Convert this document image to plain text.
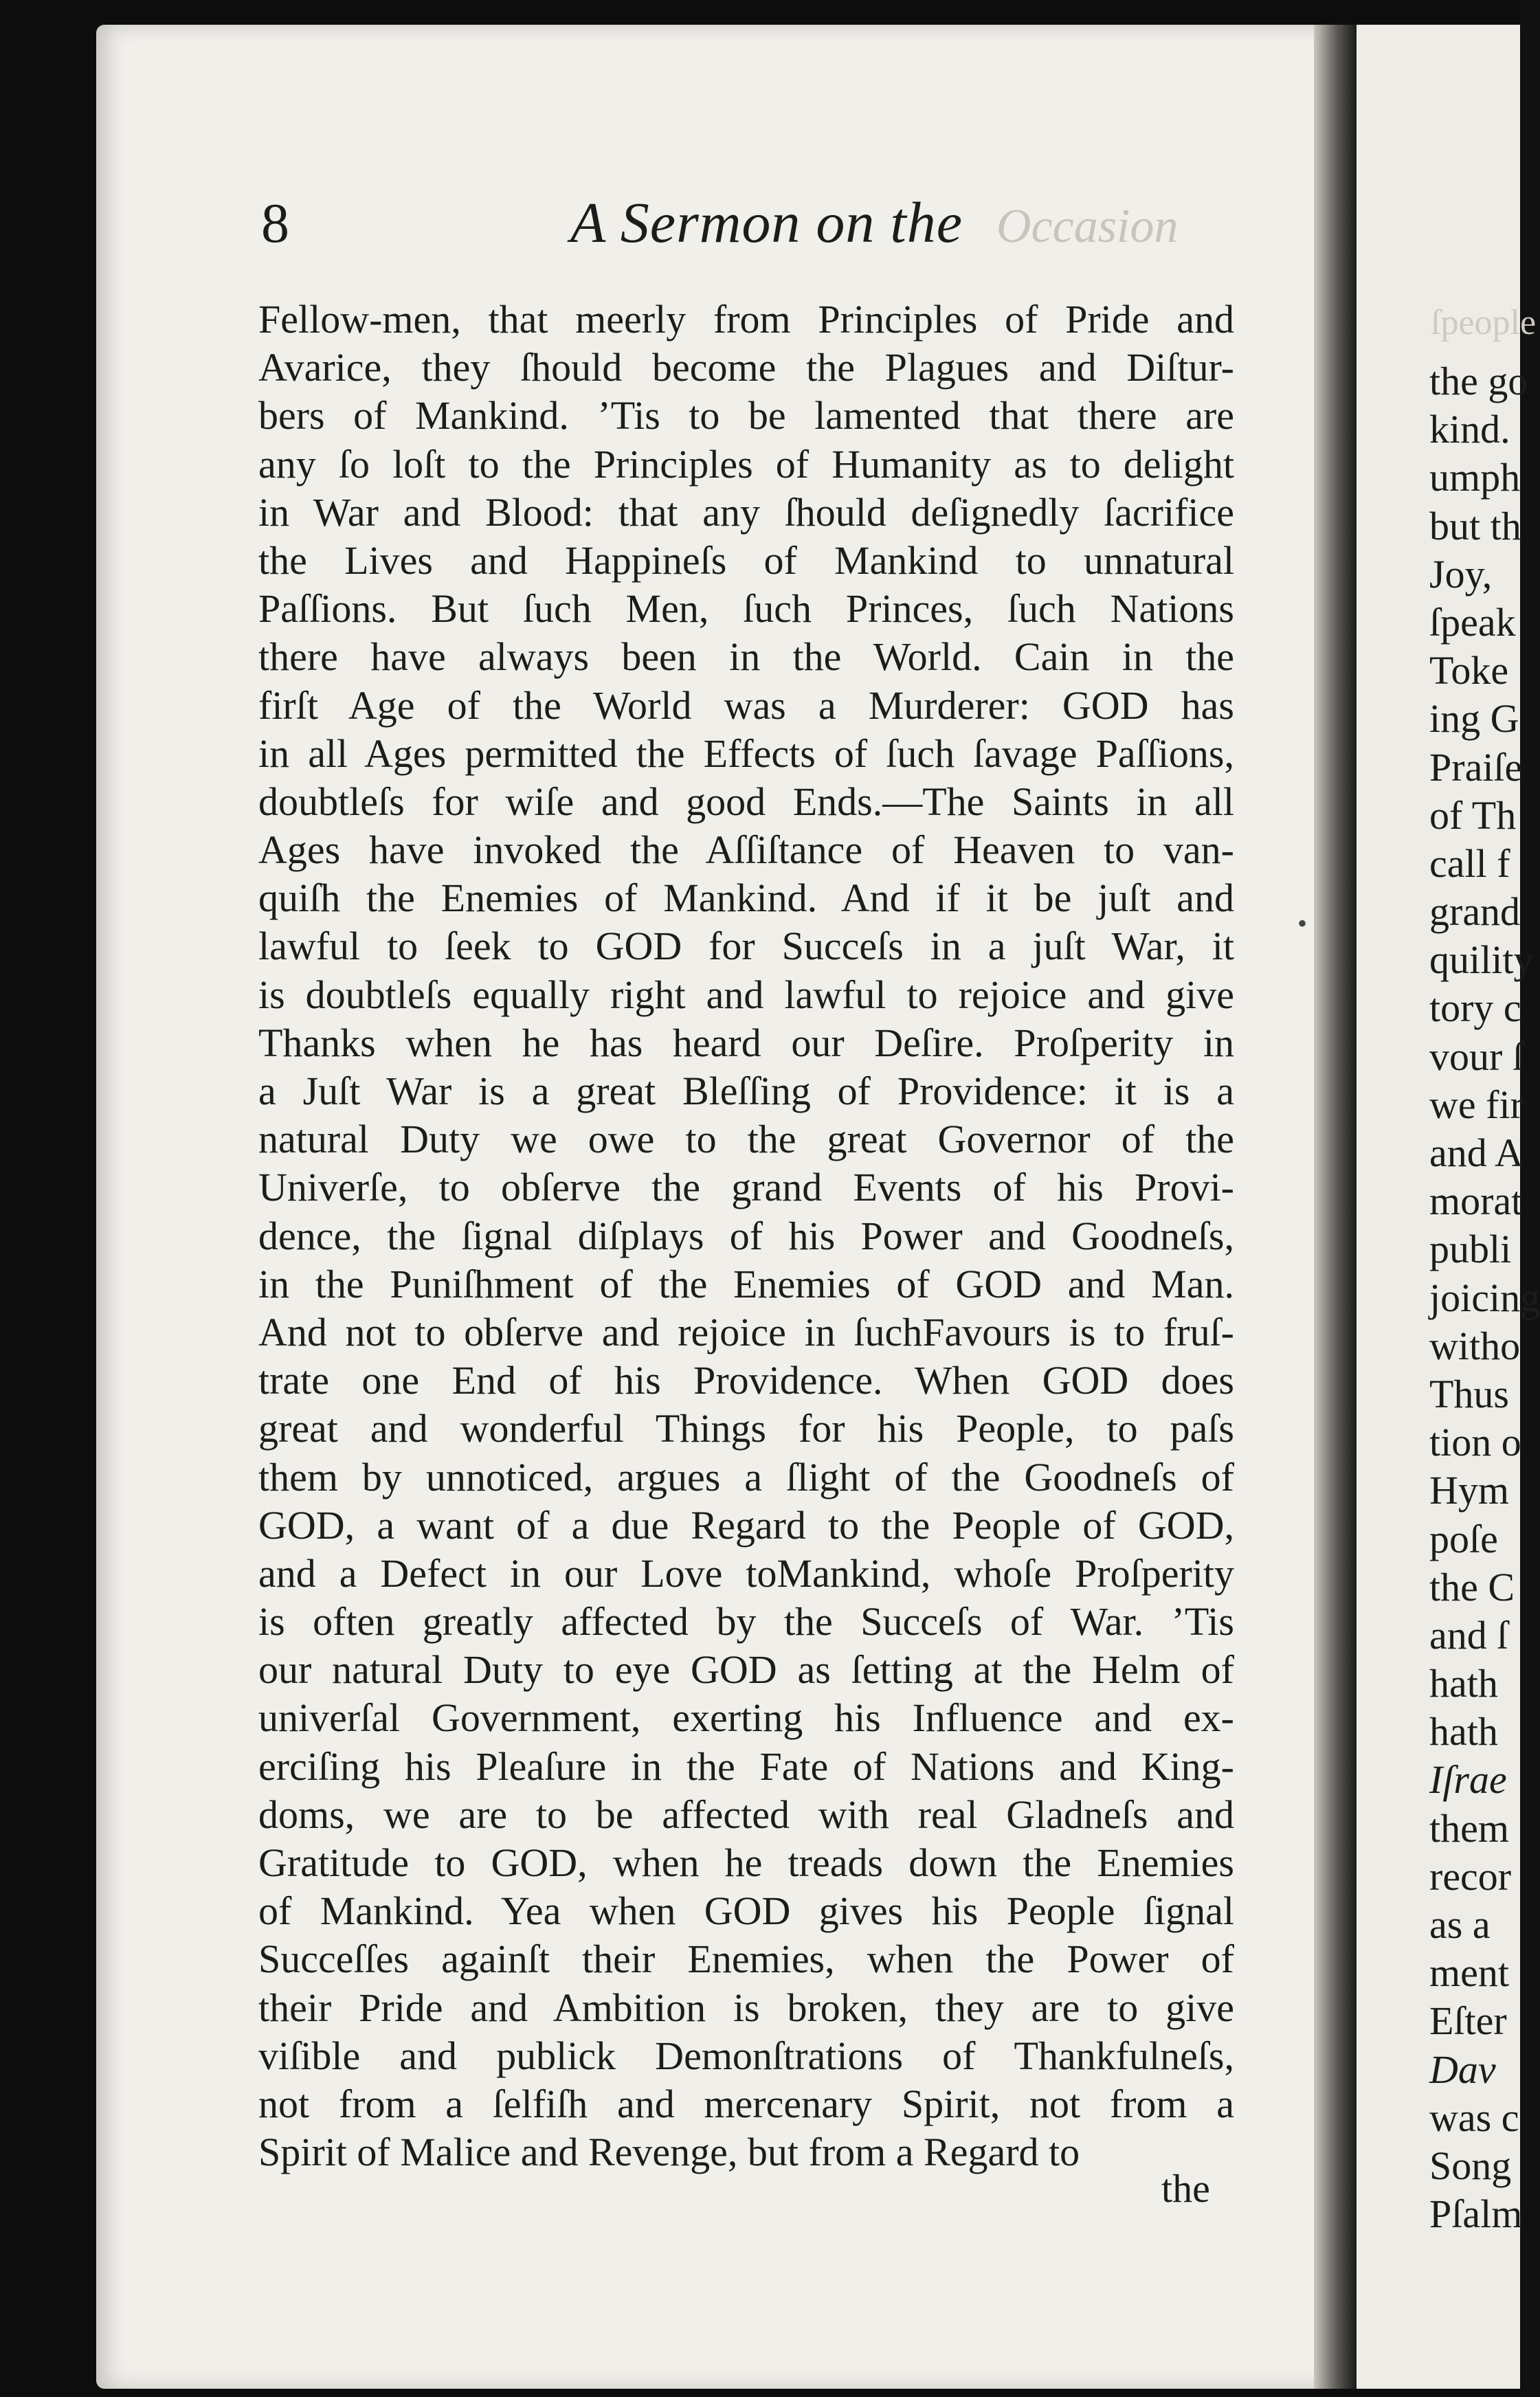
8	A Sermon on the Occasion
Fellow-men, that meerly from Principles of Pride and
Avarice, they ſhould become the Plagues and Diſtur-
bers of Mankind. ’Tis to be lamented that there are
any ſo loſt to the Principles of Humanity as to delight
in War and Blood: that any ſhould deſignedly ſacrifice
the Lives and Happineſs of Mankind to unnatural
Paſſions. But ſuch Men, ſuch Princes, ſuch Nations
there have always been in the World. Cain in the
firſt Age of the World was a Murderer: GOD has
in all Ages permitted the Effects of ſuch ſavage Paſſions,
doubtleſs for wiſe and good Ends.—The Saints in all
Ages have invoked the Aſſiſtance of Heaven to van-
quiſh the Enemies of Mankind. And if it be juſt and
lawful to ſeek to GOD for Succeſs in a juſt War, it
is doubtleſs equally right and lawful to rejoice and give
Thanks when he has heard our Deſire. Proſperity in
a Juſt War is a great Bleſſing of Providence: it is a
natural Duty we owe to the great Governor of the
Univerſe, to obſerve the grand Events of his Provi-
dence, the ſignal diſplays of his Power and Goodneſs,
in the Puniſhment of the Enemies of GOD and Man.
And not to obſerve and rejoice in ſuchFavours is to fruſ-
trate one End of his Providence. When GOD does
great and wonderful Things for his People, to paſs
them by unnoticed, argues a ſlight of the Goodneſs of
GOD, a want of a due Regard to the People of GOD,
and a Defect in our Love toMankind, whoſe Proſperity
is often greatly affected by the Succeſs of War. ’Tis
our natural Duty to eye GOD as ſetting at the Helm of
univerſal Government, exerting his Influence and ex-
erciſing his Pleaſure in the Fate of Nations and King-
doms, we are to be affected with real Gladneſs and
Gratitude to GOD, when he treads down the Enemies
of Mankind. Yea when GOD gives his People ſignal
Succeſſes againſt their Enemies, when the Power of
their Pride and Ambition is broken, they are to give
viſible and publick Demonſtrations of Thankfulneſs,
not from a ſelfiſh and mercenary Spirit, not from a
Spirit of Malice and Revenge, but from a Regard to
the
ſpeople
the go
kind.
umph
but th
Joy,
ſpeak
Toke
ing G
Praiſe
of Th
call f
grand
quility
tory c
vour ſ
we fir
and A
morat
publi
joicing
witho
Thus
tion o
Hym
poſe
the C
and ſ
hath
hath
Iſrae
them
recor
as a
ment
Eſter
Dav
was c
Song
Pſalm
•
